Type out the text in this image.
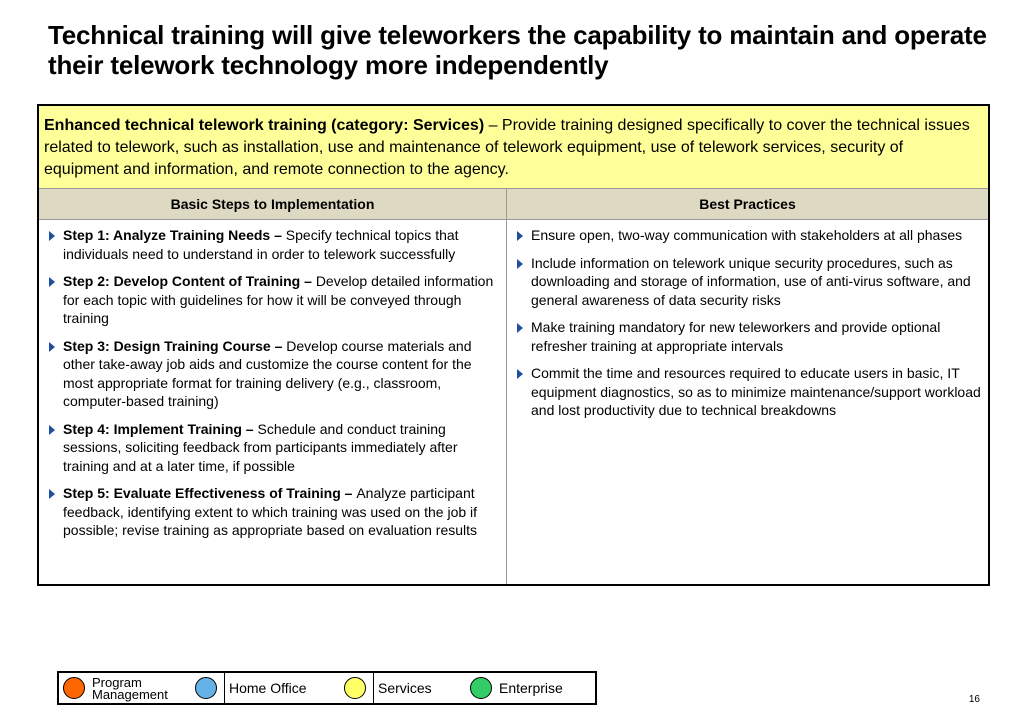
Technical training will give teleworkers the capability to maintain and operate their telework technology more independently
Enhanced technical telework training (category: Services) – Provide training designed specifically to cover the technical issues related to telework, such as installation, use and maintenance of telework equipment, use of telework services, security of equipment and information, and remote connection to the agency.
Basic Steps to Implementation
Step 1: Analyze Training Needs – Specify technical topics that individuals need to understand in order to telework successfully
Step 2: Develop Content of Training – Develop detailed information for each topic with guidelines for how it will be conveyed through training
Step 3: Design Training Course – Develop course materials and other take-away job aids and customize the course content for the most appropriate format for training delivery (e.g., classroom, computer-based training)
Step 4: Implement Training – Schedule and conduct training sessions, soliciting feedback from participants immediately after training and at a later time, if possible
Step 5: Evaluate Effectiveness of Training – Analyze participant feedback, identifying extent to which training was used on the job if possible; revise training as appropriate based on evaluation results
Best Practices
Ensure open, two-way communication with stakeholders at all phases
Include information on telework unique security procedures, such as downloading and storage of information, use of anti-virus software, and general awareness of data security risks
Make training mandatory for new teleworkers and provide optional refresher training at appropriate intervals
Commit the time and resources required to educate users in basic, IT equipment diagnostics, so as to minimize maintenance/support workload and lost productivity due to technical breakdowns
Program
Management	Home Office	Services	Enterprise
16
